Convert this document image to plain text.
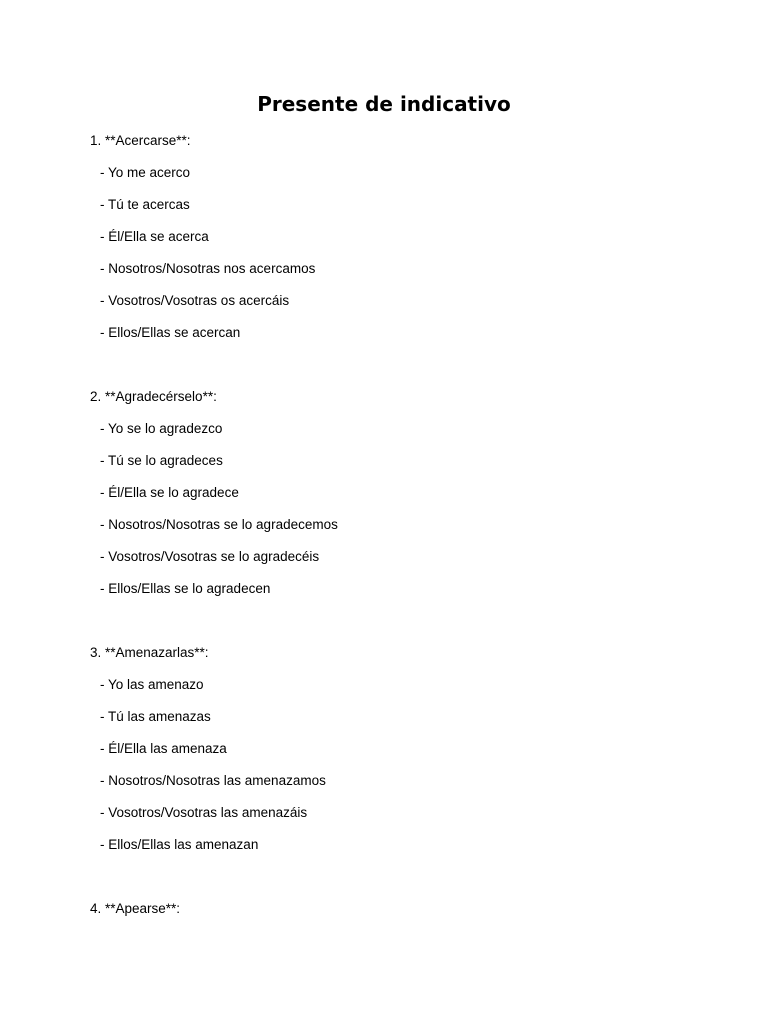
Presente de indicativo
1. **Acercarse**:
- Yo me acerco
- Tú te acercas
- Él/Ella se acerca
- Nosotros/Nosotras nos acercamos
- Vosotros/Vosotras os acercáis
- Ellos/Ellas se acercan
2. **Agradecérselo**:
- Yo se lo agradezco
- Tú se lo agradeces
- Él/Ella se lo agradece
- Nosotros/Nosotras se lo agradecemos
- Vosotros/Vosotras se lo agradecéis
- Ellos/Ellas se lo agradecen
3. **Amenazarlas**:
- Yo las amenazo
- Tú las amenazas
- Él/Ella las amenaza
- Nosotros/Nosotras las amenazamos
- Vosotros/Vosotras las amenazáis
- Ellos/Ellas las amenazan
4. **Apearse**:
